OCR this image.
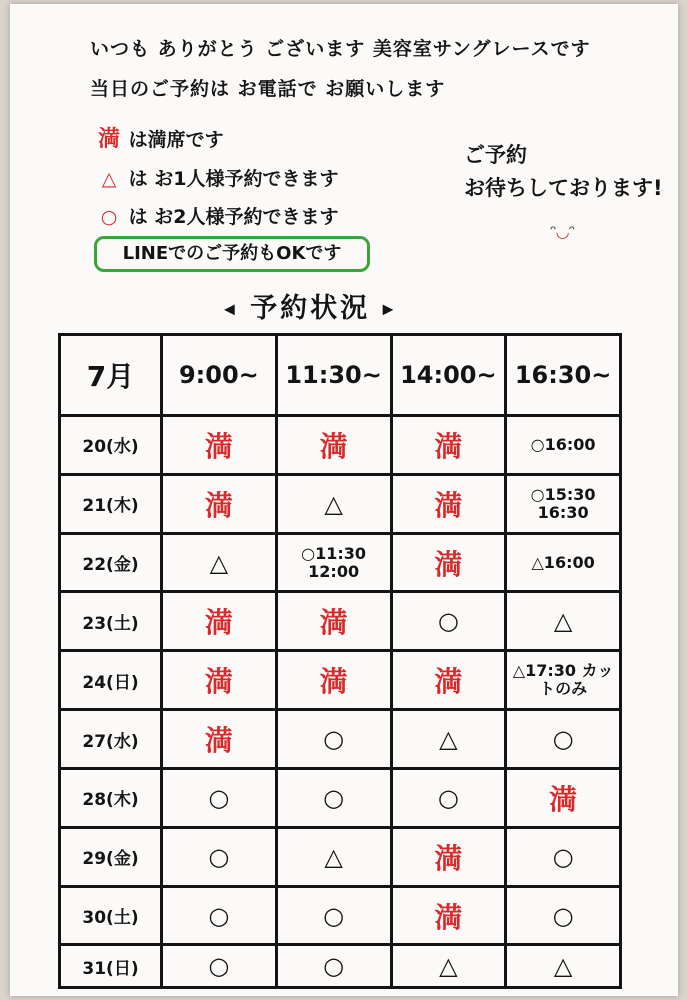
いつも ありがとう ございます 美容室サングレースです
当日のご予約は お電話で お願いします
満 は満席です
△ は お1人様予約できます
○ は お2人様予約できます
LINEでのご予約もOKです
ご予約
お待ちしております!
ᵔ◡ᵔ
◀ 予約状況 ▶
7月	9:00~	11:30~	14:00~	16:30~
20(水)	満	満	満	○16:00
21(木)	満	△	満	○15:30 16:30
22(金)	△	○11:30 12:00	満	△16:00
23(土)	満	満	○	△
24(日)	満	満	満	△17:30 カットのみ
27(水)	満	○	△	○
28(木)	○	○	○	満
29(金)	○	△	満	○
30(土)	○	○	満	○
31(日)	○	○	△	△
